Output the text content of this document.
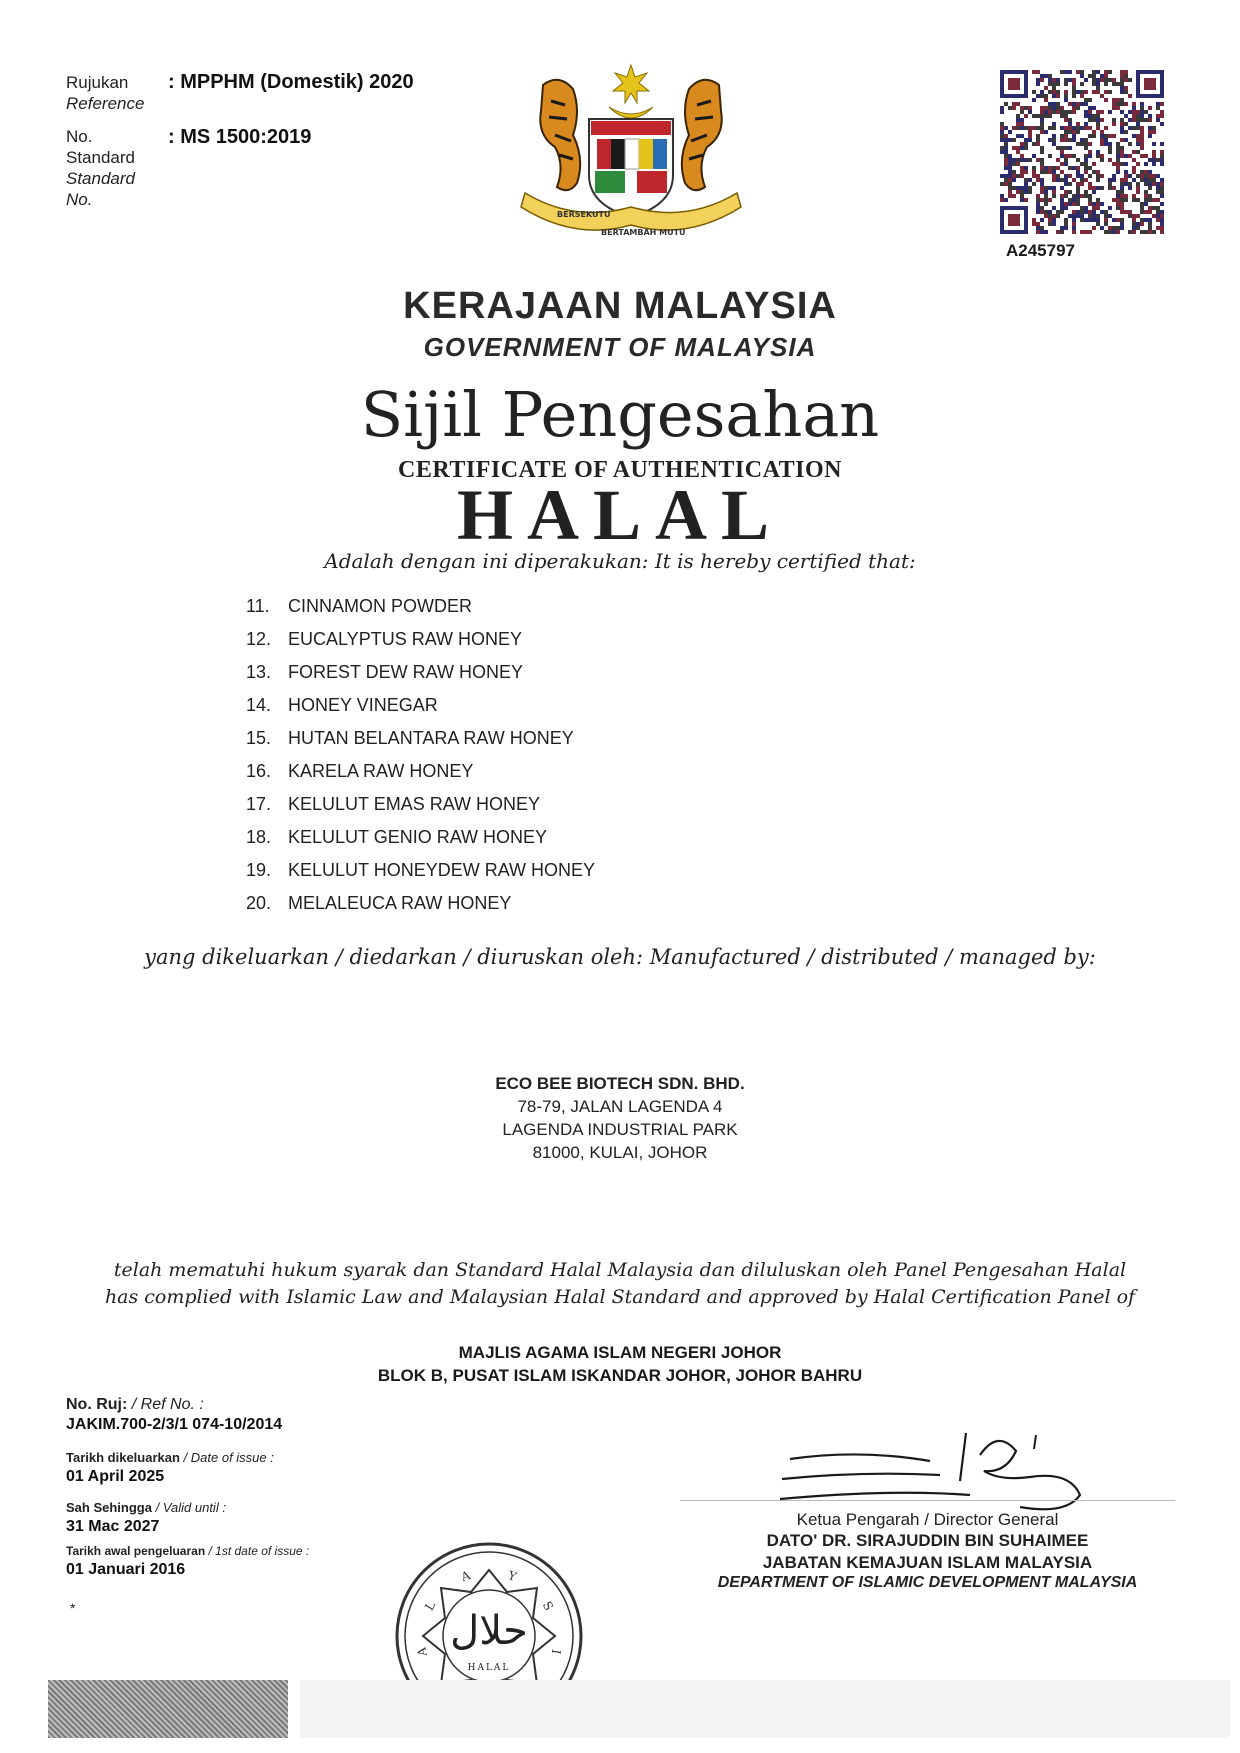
Rujukan
Reference
: MPPHM (Domestik) 2020
No.
Standard
Standard
No.
: MS 1500:2019
BERSEKUTU
BERTAMBAH MUTU
A245797
KERAJAAN MALAYSIA
GOVERNMENT OF MALAYSIA
Sijil Pengesahan
CERTIFICATE OF AUTHENTICATION
HALAL
Adalah dengan ini diperakukan: It is hereby certified that:
11.	CINNAMON POWDER
12. EUCALYPTUS RAW HONEY
13. FOREST DEW RAW HONEY
14. HONEY VINEGAR
15. HUTAN BELANTARA RAW HONEY
16. KARELA RAW HONEY
17. KELULUT EMAS RAW HONEY
18. KELULUT GENIO RAW HONEY
19. KELULUT HONEYDEW RAW HONEY
20. MELALEUCA RAW HONEY
yang dikeluarkan / diedarkan / diuruskan oleh: Manufactured / distributed / managed by:
ECO BEE BIOTECH SDN. BHD.
78-79, JALAN LAGENDA 4
LAGENDA INDUSTRIAL PARK
81000, KULAI, JOHOR
telah mematuhi hukum syarak dan Standard Halal Malaysia dan diluluskan oleh Panel Pengesahan Halal
has complied with Islamic Law and Malaysian Halal Standard and approved by Halal Certification Panel of
MAJLIS AGAMA ISLAM NEGERI JOHOR
BLOK B, PUSAT ISLAM ISKANDAR JOHOR, JOHOR BAHRU
No. Ruj: / Ref No. :
JAKIM.700-2/3/1 074-10/2014
Tarikh dikeluarkan / Date of issue :
01 April 2025
Sah Sehingga / Valid until :
31 Mac 2027
Tarikh awal pengeluaran / 1st date of issue :
01 Januari 2016
*
Ketua Pengarah / Director General
DATO' DR. SIRAJUDDIN BIN SUHAIMEE
JABATAN KEMAJUAN ISLAM MALAYSIA
DEPARTMENT OF ISLAMIC DEVELOPMENT MALAYSIA
A
L
A	Y
S
I
حلال
HALAL
